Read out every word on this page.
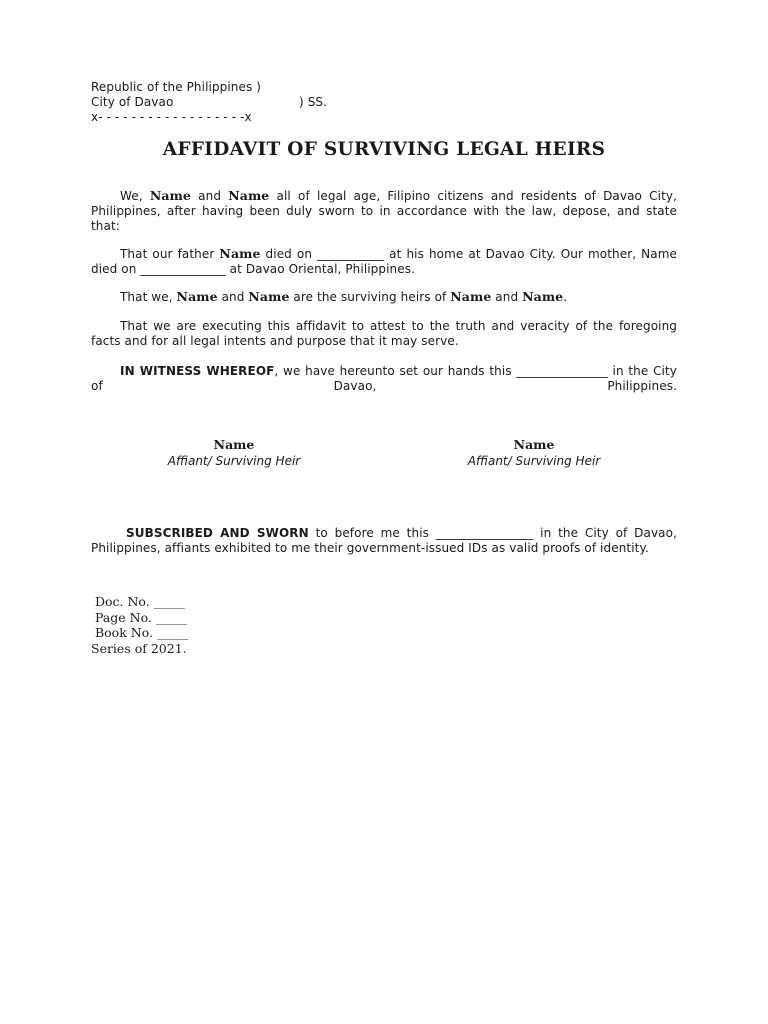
Republic of the Philippines )
City of Davao	) SS.
x- - - - - - - - - - - - - - - - - -x
AFFIDAVIT OF SURVIVING LEGAL HEIRS
We, Name and Name all of legal age, Filipino citizens and residents of Davao City, Philippines, after having been duly sworn to in accordance with the law, depose, and state that:
That our father Name died on ___________ at his home at Davao City. Our mother, Name died on ______________ at Davao Oriental, Philippines.
That we, Name and Name are the surviving heirs of Name and Name.
That we are executing this affidavit to attest to the truth and veracity of the foregoing facts and for all legal intents and purpose that it may serve.
IN WITNESS WHEREOF, we have hereunto set our hands this _______________ in the City of Davao, Philippines.
Name
Affiant/ Surviving Heir
Name
Affiant/ Surviving Heir
SUBSCRIBED AND SWORN to before me this ________________ in the City of Davao, Philippines, affiants exhibited to me their government-issued IDs as valid proofs of identity.
Doc. No. _____
Page No. _____
Book No. _____
Series of 2021.
